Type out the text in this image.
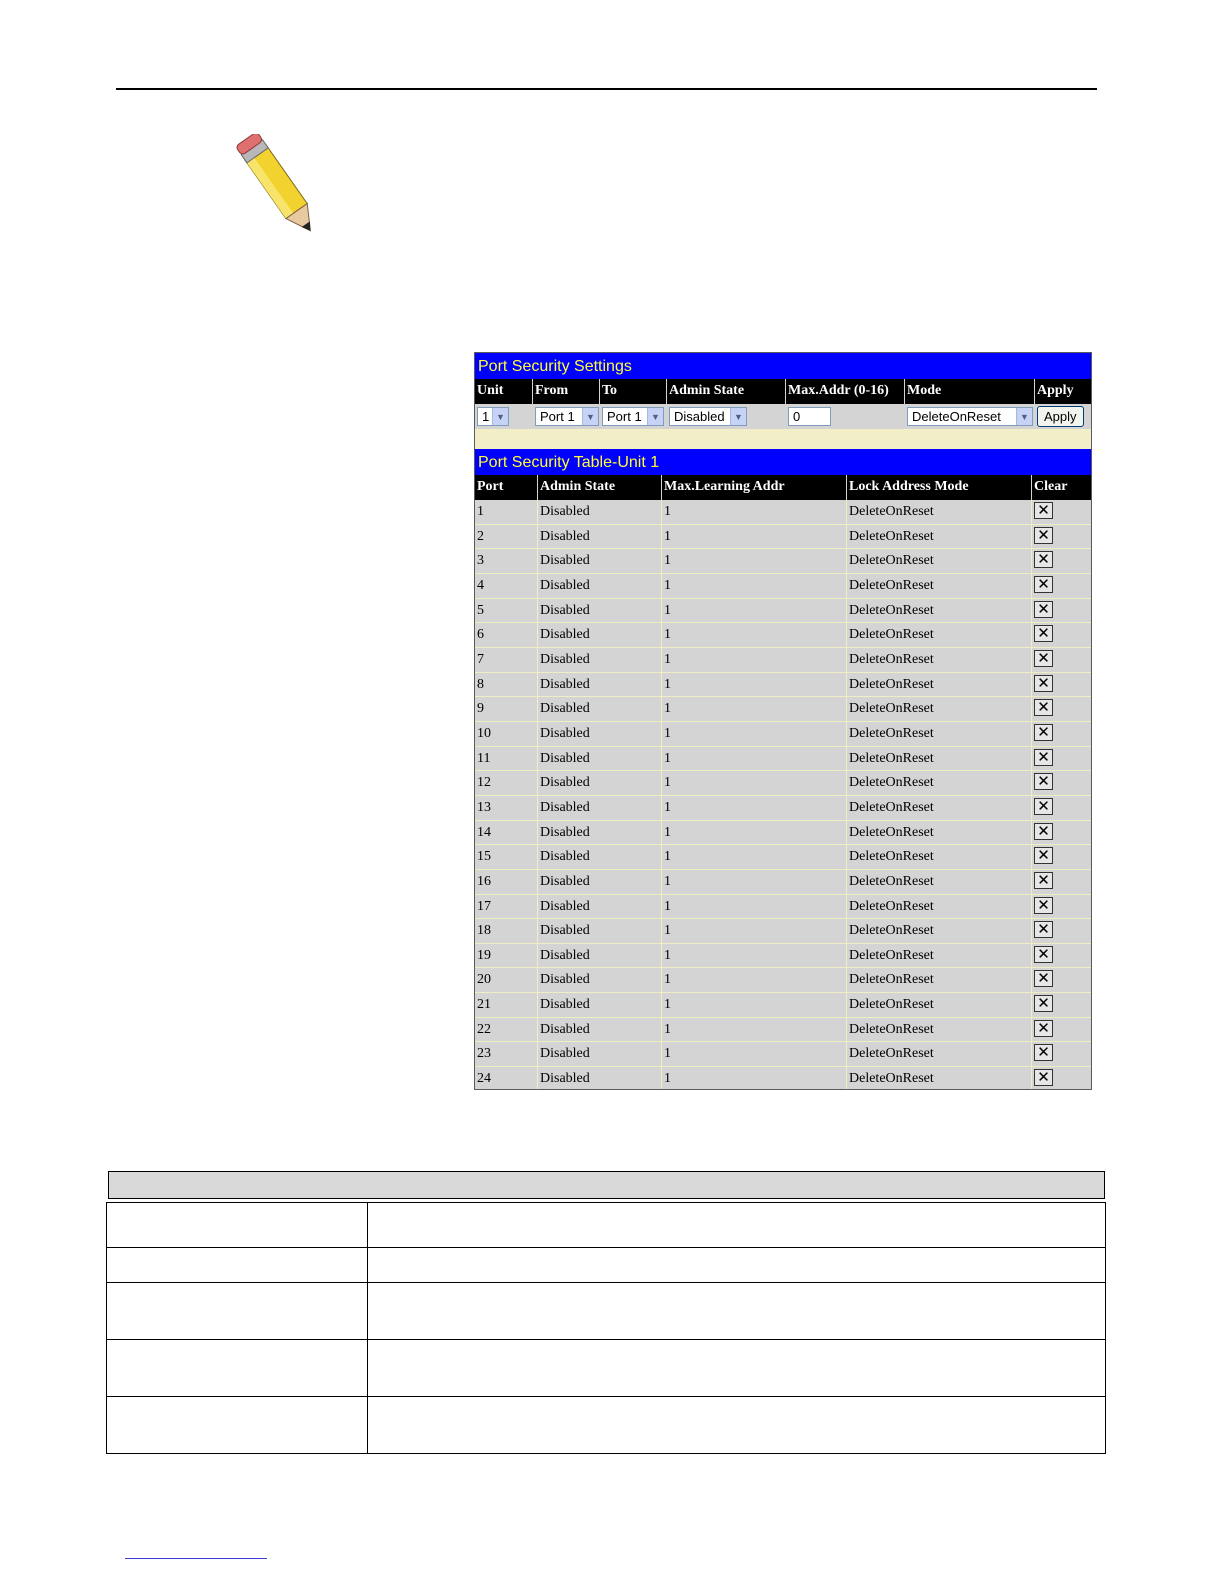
Port Security Settings
Unit	From	To	Admin State	Max.Addr (0-16)	Mode	Apply
1 ▼	Port 1	▼ Port 1	▼ Disabled	▼	0	DeleteOnReset	▼	Apply
Port Security Table-Unit 1
Port	Admin State	Max.Learning Addr	Lock Address Mode	Clear
1	Disabled	1	DeleteOnReset	✕
2	Disabled	1	DeleteOnReset	✕
3	Disabled	1	DeleteOnReset	✕
4	Disabled	1	DeleteOnReset	✕
5	Disabled	1	DeleteOnReset	✕
6	Disabled	1	DeleteOnReset	✕
7	Disabled	1	DeleteOnReset	✕
8	Disabled	1	DeleteOnReset	✕
9	Disabled	1	DeleteOnReset	✕
10	Disabled	1	DeleteOnReset	✕
11	Disabled	1	DeleteOnReset	✕
12	Disabled	1	DeleteOnReset	✕
13	Disabled	1	DeleteOnReset	✕
14	Disabled	1	DeleteOnReset	✕
15	Disabled	1	DeleteOnReset	✕
16	Disabled	1	DeleteOnReset	✕
17	Disabled	1	DeleteOnReset	✕
18	Disabled	1	DeleteOnReset	✕
19	Disabled	1	DeleteOnReset	✕
20	Disabled	1	DeleteOnReset	✕
21	Disabled	1	DeleteOnReset	✕
22	Disabled	1	DeleteOnReset	✕
23	Disabled	1	DeleteOnReset	✕
24	Disabled	1	DeleteOnReset	✕
